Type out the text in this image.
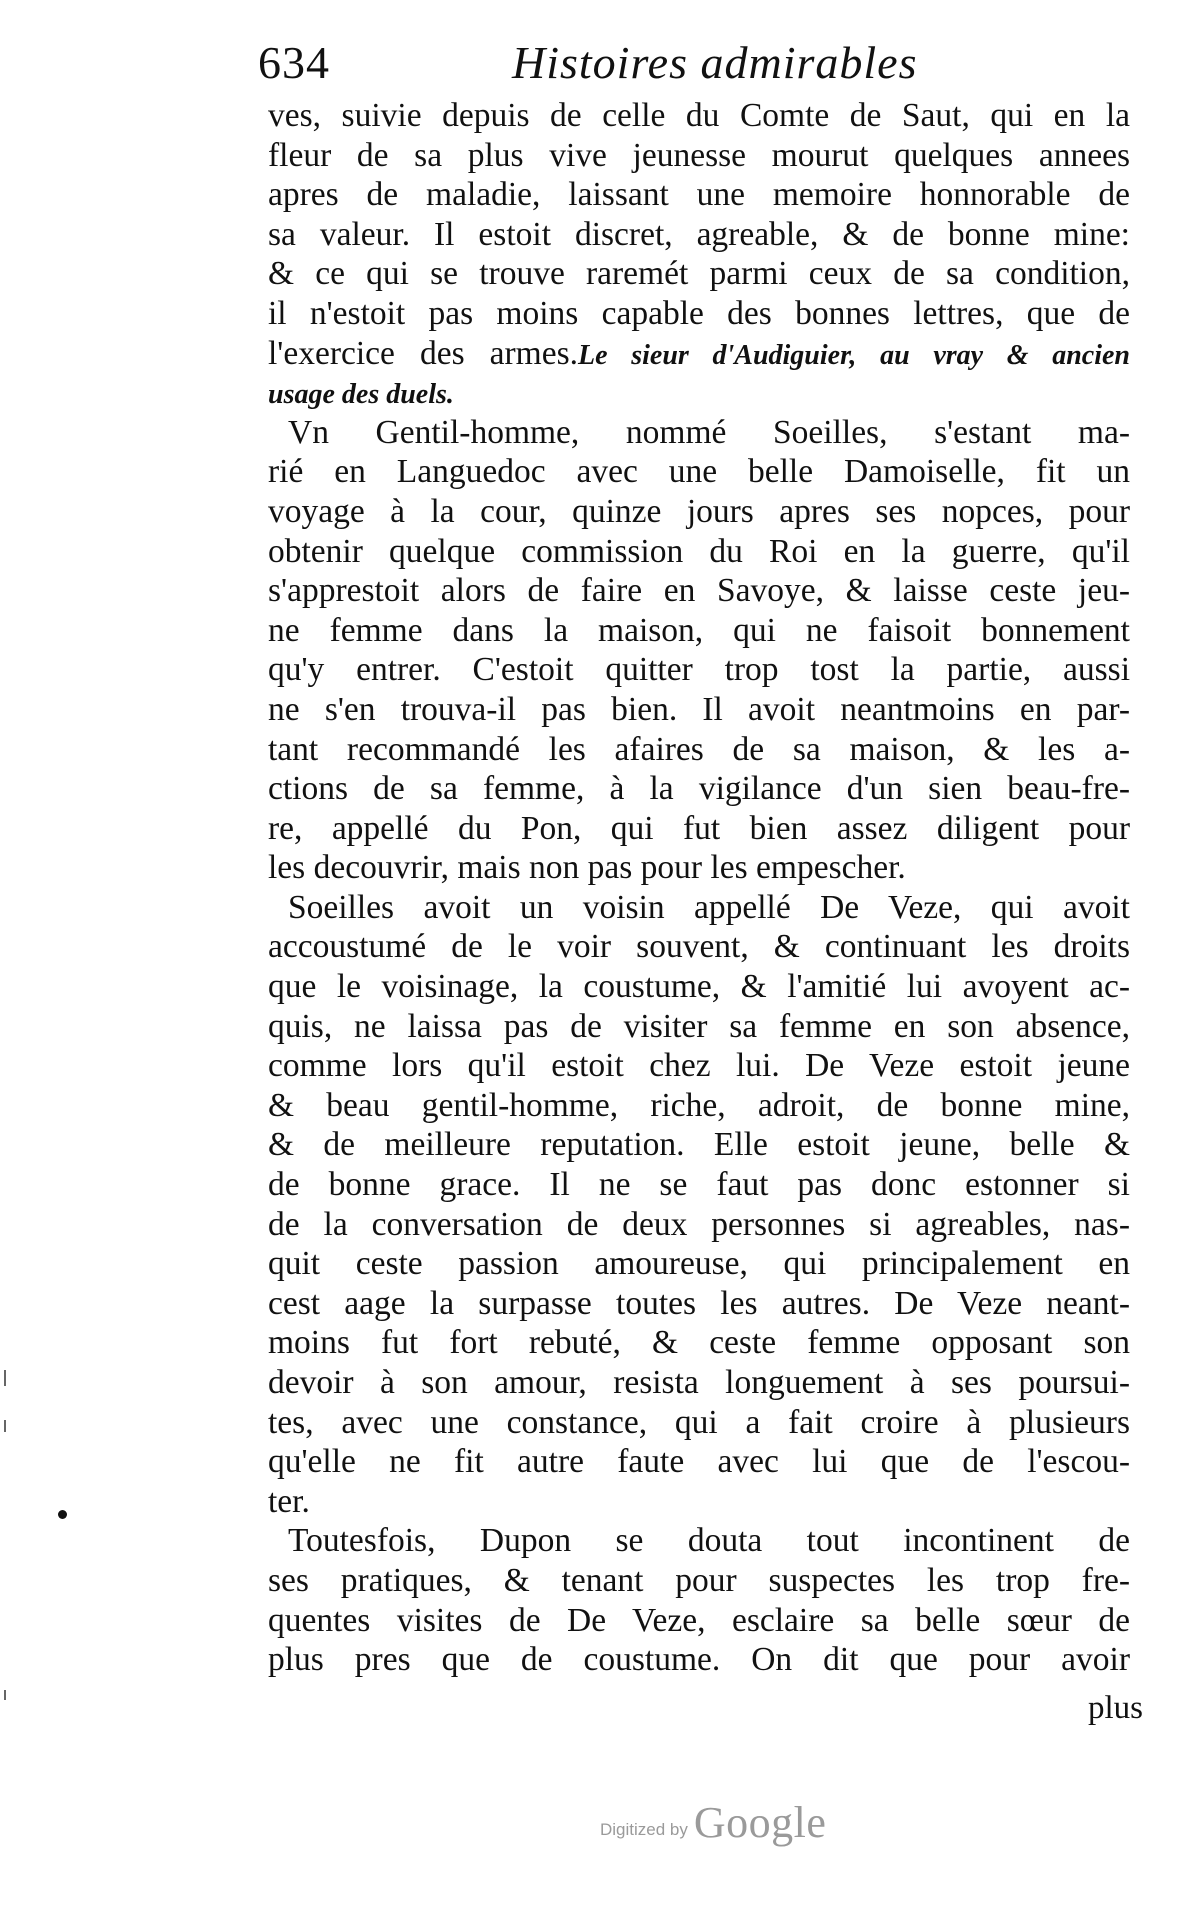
634	Histoires admirables
ves, suivie depuis de celle du Comte de Saut, qui en la
fleur de sa plus vive jeunesse mourut quelques annees
apres de maladie, laissant une memoire honnorable de
sa valeur. Il estoit discret, agreable, & de bonne mine:
& ce qui se trouve raremét parmi ceux de sa condition,
il n'estoit pas moins capable des bonnes lettres, que de
l'exercice des armes.Le sieur d'Audiguier, au vray & ancien
usage des duels.
Vn Gentil-homme, nommé Soeilles, s'estant ma-
rié en Languedoc avec une belle Damoiselle, fit un
voyage à la cour, quinze jours apres ses nopces, pour
obtenir quelque commission du Roi en la guerre, qu'il
s'apprestoit alors de faire en Savoye, & laisse ceste jeu-
ne femme dans la maison, qui ne faisoit bonnement
qu'y entrer. C'estoit quitter trop tost la partie, aussi
ne s'en trouva-il pas bien. Il avoit neantmoins en par-
tant recommandé les afaires de sa maison, & les a-
ctions de sa femme, à la vigilance d'un sien beau-fre-
re, appellé du Pon, qui fut bien assez diligent pour
les decouvrir, mais non pas pour les empescher.
Soeilles avoit un voisin appellé De Veze, qui avoit
accoustumé de le voir souvent, & continuant les droits
que le voisinage, la coustume, & l'amitié lui avoyent ac-
quis, ne laissa pas de visiter sa femme en son absence,
comme lors qu'il estoit chez lui. De Veze estoit jeune
& beau gentil-homme, riche, adroit, de bonne mine,
& de meilleure reputation. Elle estoit jeune, belle &
de bonne grace. Il ne se faut pas donc estonner si
de la conversation de deux personnes si agreables, nas-
quit ceste passion amoureuse, qui principalement en
cest aage la surpasse toutes les autres. De Veze neant-
moins fut fort rebuté, & ceste femme opposant son
devoir à son amour, resista longuement à ses poursui-
tes, avec une constance, qui a fait croire à plusieurs
qu'elle ne fit autre faute avec lui que de l'escou-
ter.
Toutesfois, Dupon se douta tout incontinent de
ses pratiques, & tenant pour suspectes les trop fre-
quentes visites de De Veze, esclaire sa belle sœur de
plus pres que de coustume. On dit que pour avoir
plus
Digitized by Google
